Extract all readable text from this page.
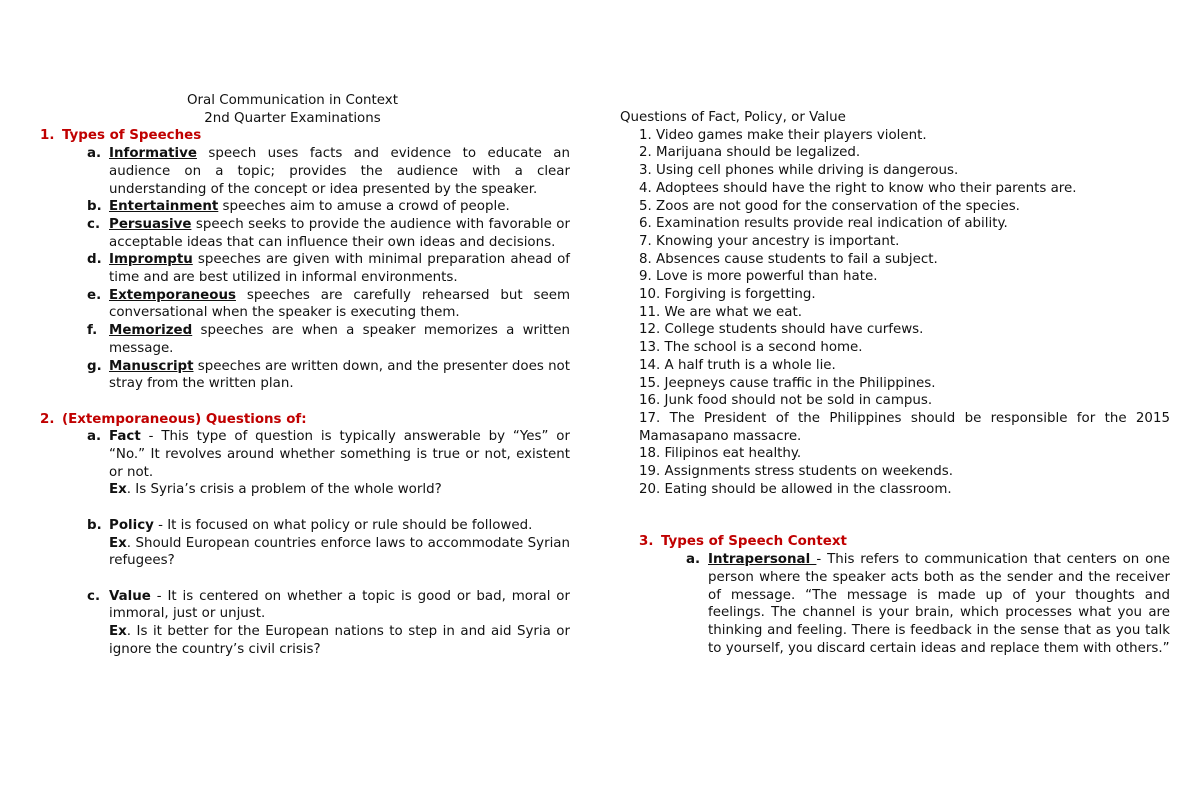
Oral Communication in Context
2nd Quarter Examinations
1. Types of Speeches
a. Informative speech uses facts and evidence to educate an audience on a topic; provides the audience with a clear understanding of the concept or idea presented by the speaker.
b. Entertainment speeches aim to amuse a crowd of people.
c. Persuasive speech seeks to provide the audience with favorable or acceptable ideas that can influence their own ideas and decisions.
d. Impromptu speeches are given with minimal preparation ahead of time and are best utilized in informal environments.
e. Extemporaneous speeches are carefully rehearsed but seem conversational when the speaker is executing them.
f. Memorized speeches are when a speaker memorizes a written message.
g. Manuscript speeches are written down, and the presenter does not stray from the written plan.
2. (Extemporaneous) Questions of:
a. Fact - This type of question is typically answerable by “Yes” or “No.” It revolves around whether something is true or not, existent or not.
Ex. Is Syria’s crisis a problem of the whole world?
b. Policy - It is focused on what policy or rule should be followed.
Ex. Should European countries enforce laws to accommodate Syrian refugees?
c. Value - It is centered on whether a topic is good or bad, moral or immoral, just or unjust.
Ex. Is it better for the European nations to step in and aid Syria or ignore the country’s civil crisis?
Questions of Fact, Policy, or Value
1. Video games make their players violent.
2. Marijuana should be legalized.
3. Using cell phones while driving is dangerous.
4. Adoptees should have the right to know who their parents are.
5. Zoos are not good for the conservation of the species.
6. Examination results provide real indication of ability.
7. Knowing your ancestry is important.
8. Absences cause students to fail a subject.
9. Love is more powerful than hate.
10. Forgiving is forgetting.
11. We are what we eat.
12. College students should have curfews.
13. The school is a second home.
14. A half truth is a whole lie.
15. Jeepneys cause traffic in the Philippines.
16. Junk food should not be sold in campus.
17. The President of the Philippines should be responsible for the 2015 Mamasapano massacre.
18. Filipinos eat healthy.
19. Assignments stress students on weekends.
20. Eating should be allowed in the classroom.
3. Types of Speech Context
a. Intrapersonal - This refers to communication that centers on one person where the speaker acts both as the sender and the receiver of message. “The message is made up of your thoughts and feelings. The channel is your brain, which processes what you are thinking and feeling. There is feedback in the sense that as you talk to yourself, you discard certain ideas and replace them with others.”
